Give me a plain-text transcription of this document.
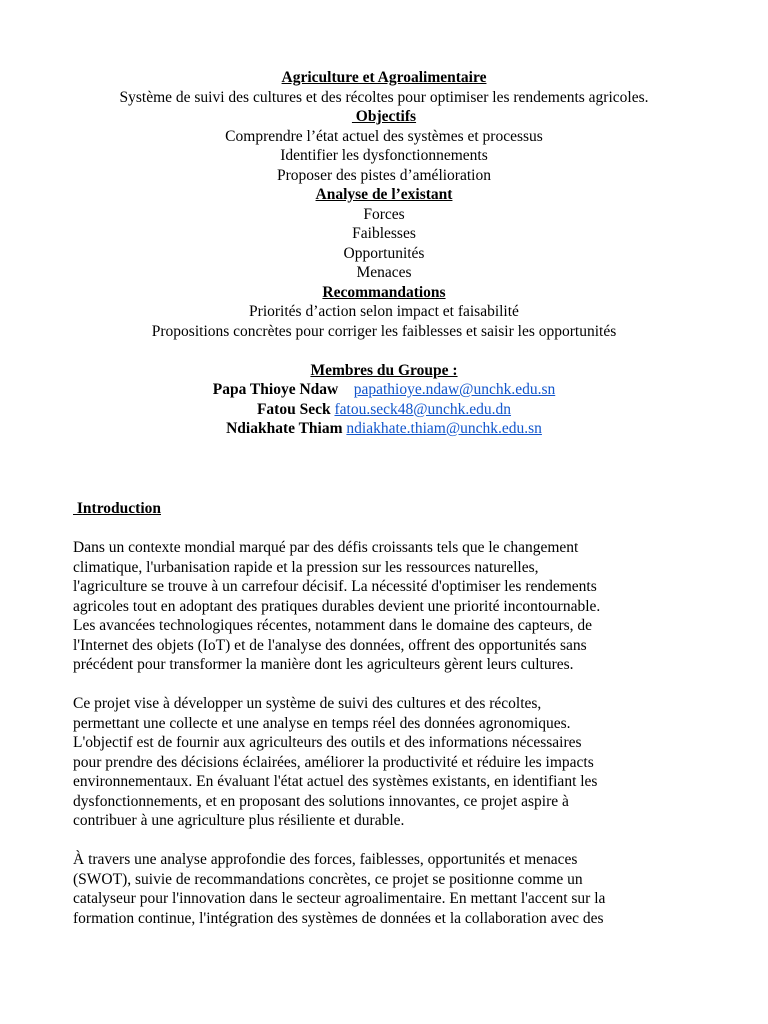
Agriculture et Agroalimentaire
Système de suivi des cultures et des récoltes pour optimiser les rendements agricoles.
Objectifs
Comprendre l’état actuel des systèmes et processus
Identifier les dysfonctionnements
Proposer des pistes d’amélioration
Analyse de l’existant
Forces
Faiblesses
Opportunités
Menaces
Recommandations
Priorités d’action selon impact et faisabilité
Propositions concrètes pour corriger les faiblesses et saisir les opportunités
Membres du Groupe :
Papa Thioye Ndaw papathioye.ndaw@unchk.edu.sn
Fatou Seck fatou.seck48@unchk.edu.dn
Ndiakhate Thiam ndiakhate.thiam@unchk.edu.sn
Introduction
Dans un contexte mondial marqué par des défis croissants tels que le changement
climatique, l'urbanisation rapide et la pression sur les ressources naturelles,
l'agriculture se trouve à un carrefour décisif. La nécessité d'optimiser les rendements
agricoles tout en adoptant des pratiques durables devient une priorité incontournable.
Les avancées technologiques récentes, notamment dans le domaine des capteurs, de
l'Internet des objets (IoT) et de l'analyse des données, offrent des opportunités sans
précédent pour transformer la manière dont les agriculteurs gèrent leurs cultures.
Ce projet vise à développer un système de suivi des cultures et des récoltes,
permettant une collecte et une analyse en temps réel des données agronomiques.
L'objectif est de fournir aux agriculteurs des outils et des informations nécessaires
pour prendre des décisions éclairées, améliorer la productivité et réduire les impacts
environnementaux. En évaluant l'état actuel des systèmes existants, en identifiant les
dysfonctionnements, et en proposant des solutions innovantes, ce projet aspire à
contribuer à une agriculture plus résiliente et durable.
À travers une analyse approfondie des forces, faiblesses, opportunités et menaces
(SWOT), suivie de recommandations concrètes, ce projet se positionne comme un
catalyseur pour l'innovation dans le secteur agroalimentaire. En mettant l'accent sur la
formation continue, l'intégration des systèmes de données et la collaboration avec des
